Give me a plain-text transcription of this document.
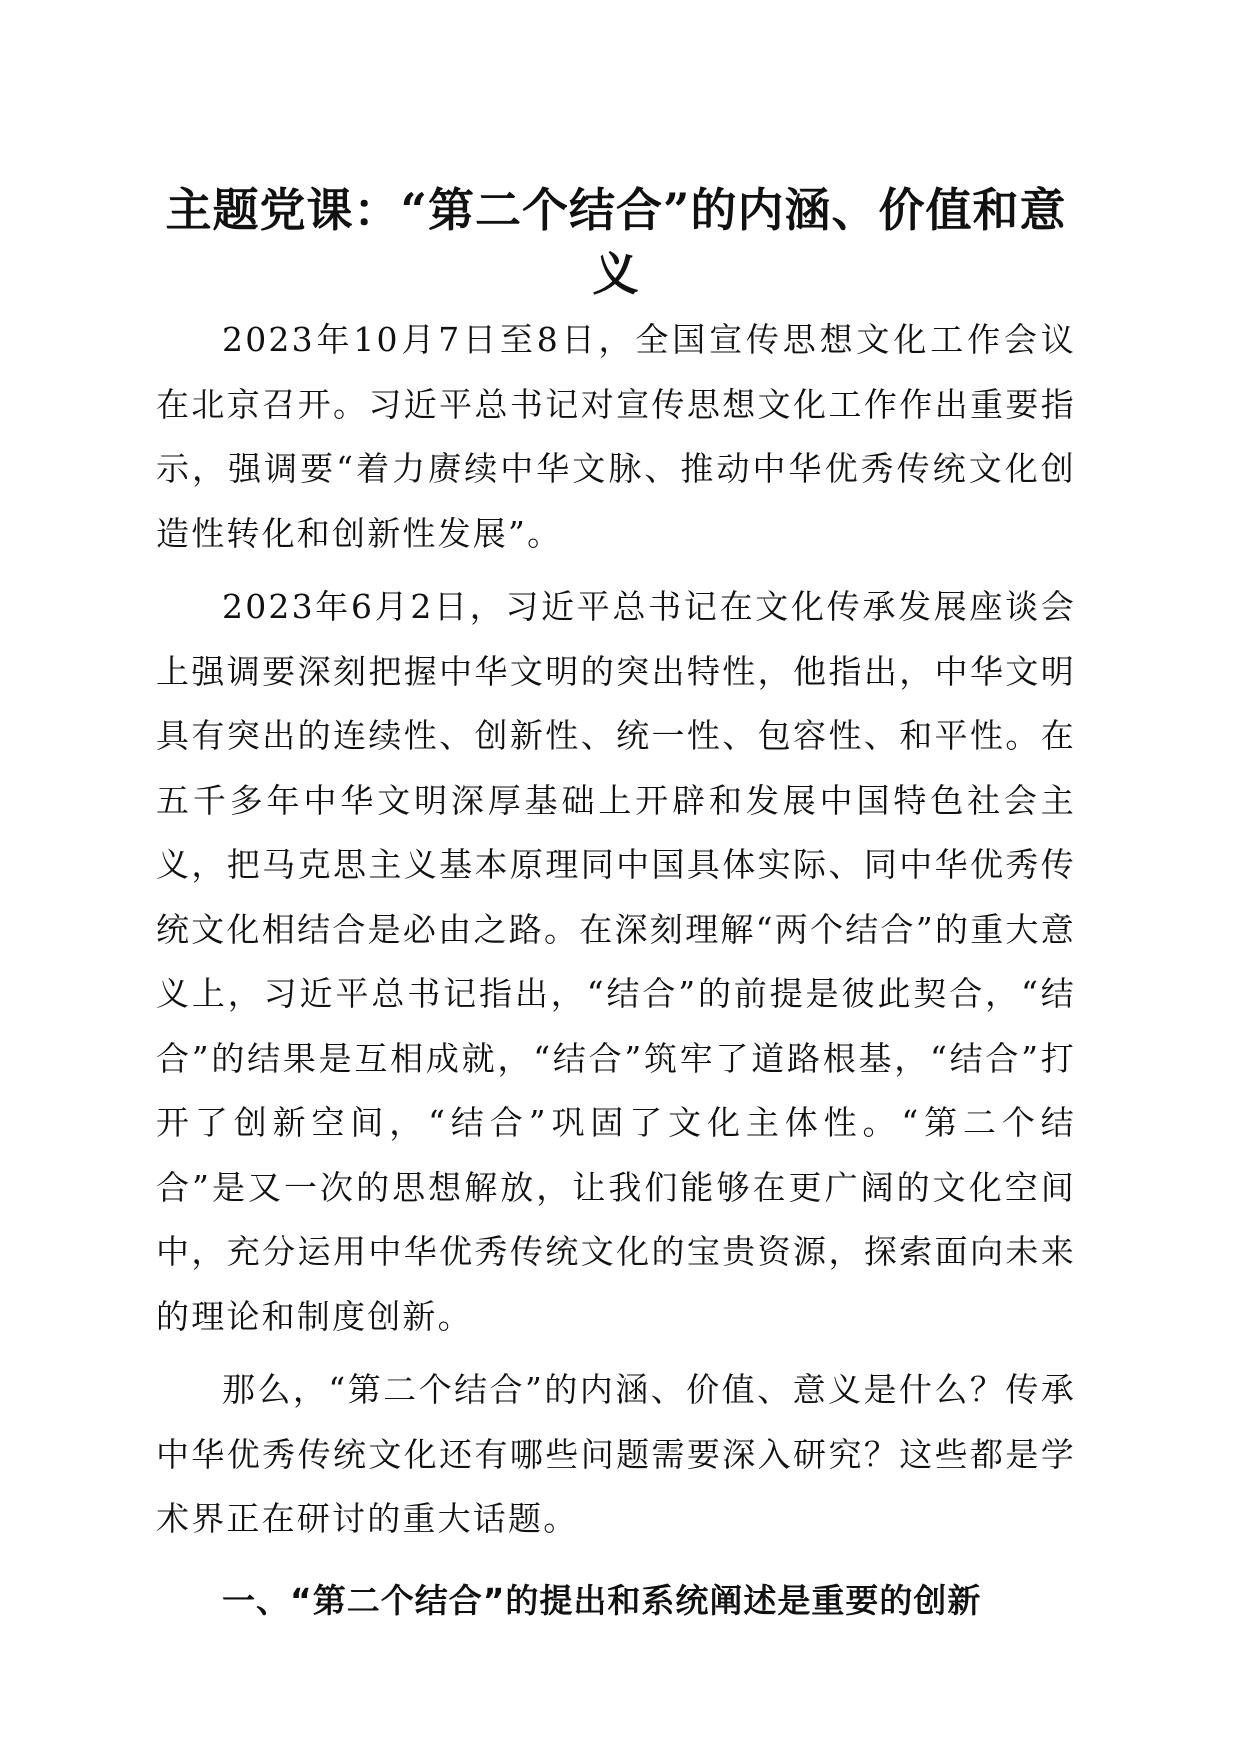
主题党课：“第二个结合”的内涵、价值和意义

2023年10月7日至8日，全国宣传思想文化工作会议在北京召开。习近平总书记对宣传思想文化工作作出重要指示，强调要“着力赓续中华文脉、推动中华优秀传统文化创造性转化和创新性发展”。

2023年6月2日，习近平总书记在文化传承发展座谈会上强调要深刻把握中华文明的突出特性，他指出，中华文明具有突出的连续性、创新性、统一性、包容性、和平性。在五千多年中华文明深厚基础上开辟和发展中国特色社会主义，把马克思主义基本原理同中国具体实际、同中华优秀传统文化相结合是必由之路。在深刻理解“两个结合”的重大意义上，习近平总书记指出，“结合”的前提是彼此契合，“结合”的结果是互相成就，“结合”筑牢了道路根基，“结合”打开了创新空间，“结合”巩固了文化主体性。“第二个结合”是又一次的思想解放，让我们能够在更广阔的文化空间中，充分运用中华优秀传统文化的宝贵资源，探索面向未来的理论和制度创新。

那么，“第二个结合”的内涵、价值、意义是什么？传承中华优秀传统文化还有哪些问题需要深入研究？这些都是学术界正在研讨的重大话题。

一、“第二个结合”的提出和系统阐述是重要的创新
